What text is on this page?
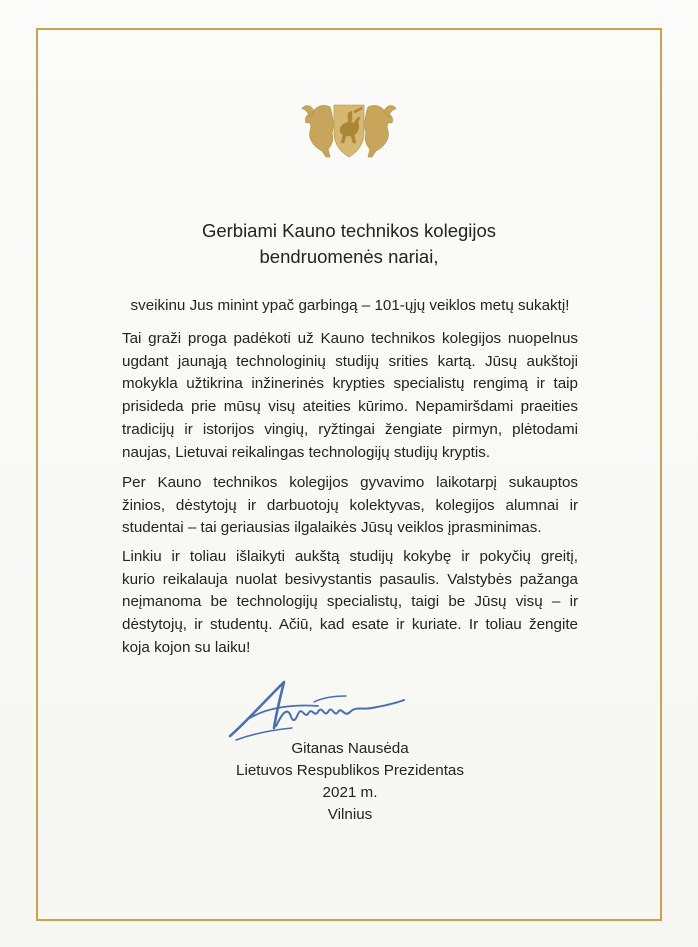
Gerbiami Kauno technikos kolegijos
bendruomenės nariai,
sveikinu Jus minint ypač garbingą – 101-ųjų veiklos metų sukaktį!
Tai graži proga padėkoti už Kauno technikos kolegijos nuopelnus
ugdant jaunąją technologinių studijų srities kartą. Jūsų aukštoji
mokykla užtikrina inžinerinės krypties specialistų rengimą ir taip
prisideda prie mūsų visų ateities kūrimo. Nepamiršdami praeities
tradicijų ir istorijos vingių, ryžtingai žengiate pirmyn, plėtodami
naujas, Lietuvai reikalingas technologijų studijų kryptis.
Per Kauno technikos kolegijos gyvavimo laikotarpį sukauptos
žinios, dėstytojų ir darbuotojų kolektyvas, kolegijos alumnai ir
studentai – tai geriausias ilgalaikės Jūsų veiklos įprasminimas.
Linkiu ir toliau išlaikyti aukštą studijų kokybę ir pokyčių greitį,
kurio reikalauja nuolat besivystantis pasaulis. Valstybės pažanga
neįmanoma be technologijų specialistų, taigi be Jūsų visų – ir
dėstytojų, ir studentų. Ačiū, kad esate ir kuriate. Ir toliau žengite
koja kojon su laiku!
Gitanas Nausėda
Lietuvos Respublikos Prezidentas
2021 m.
Vilnius
